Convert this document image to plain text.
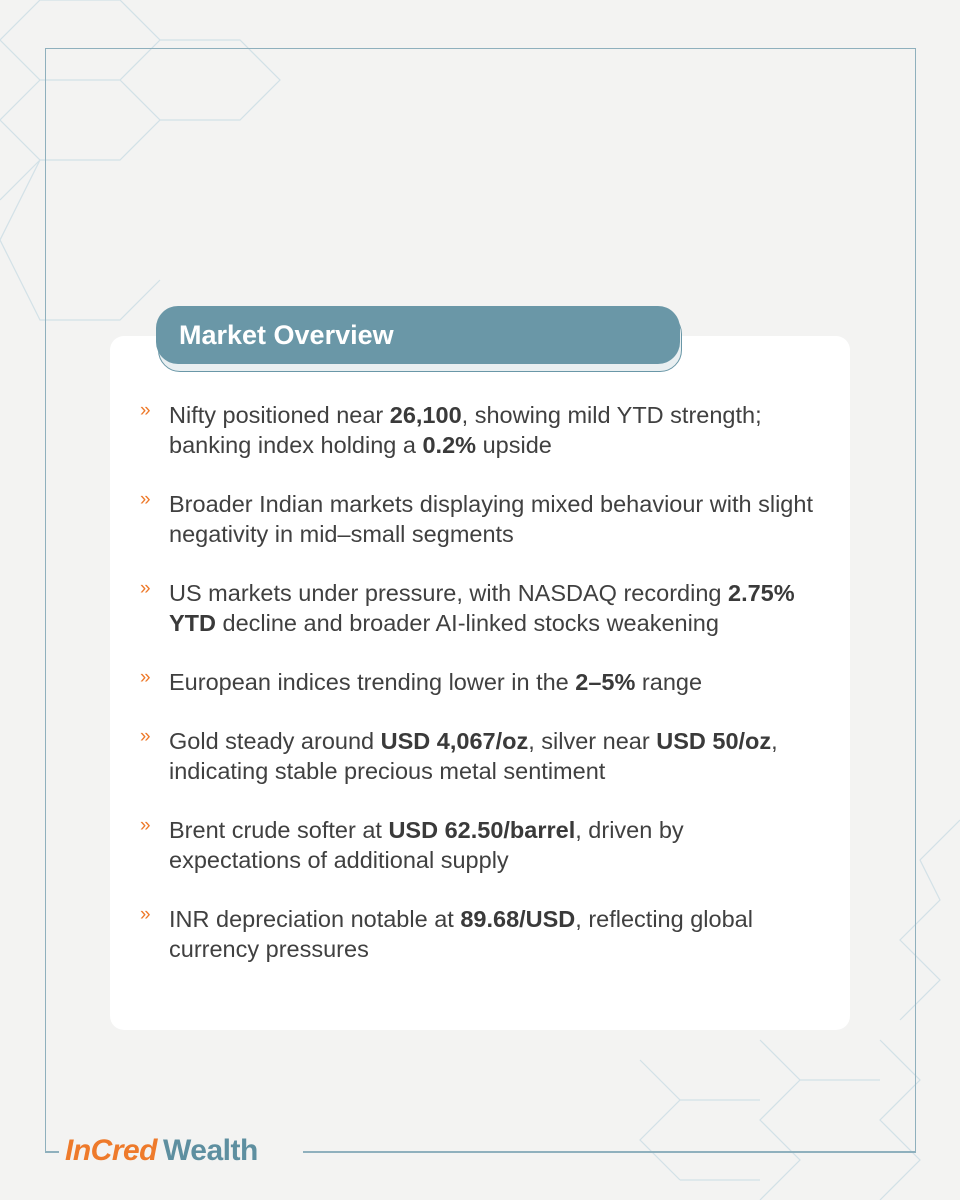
Market Overview
» Nifty positioned near 26,100, showing mild YTD strength; banking index holding a 0.2% upside
» Broader Indian markets displaying mixed behaviour with slight negativity in mid–small segments
» US markets under pressure, with NASDAQ recording 2.75% YTD decline and broader AI-linked stocks weakening
» European indices trending lower in the 2–5% range
» Gold steady around USD 4,067/oz, silver near USD 50/oz, indicating stable precious metal sentiment
» Brent crude softer at USD 62.50/barrel, driven by expectations of additional supply
» INR depreciation notable at 89.68/USD, reflecting global currency pressures
InCred Wealth
